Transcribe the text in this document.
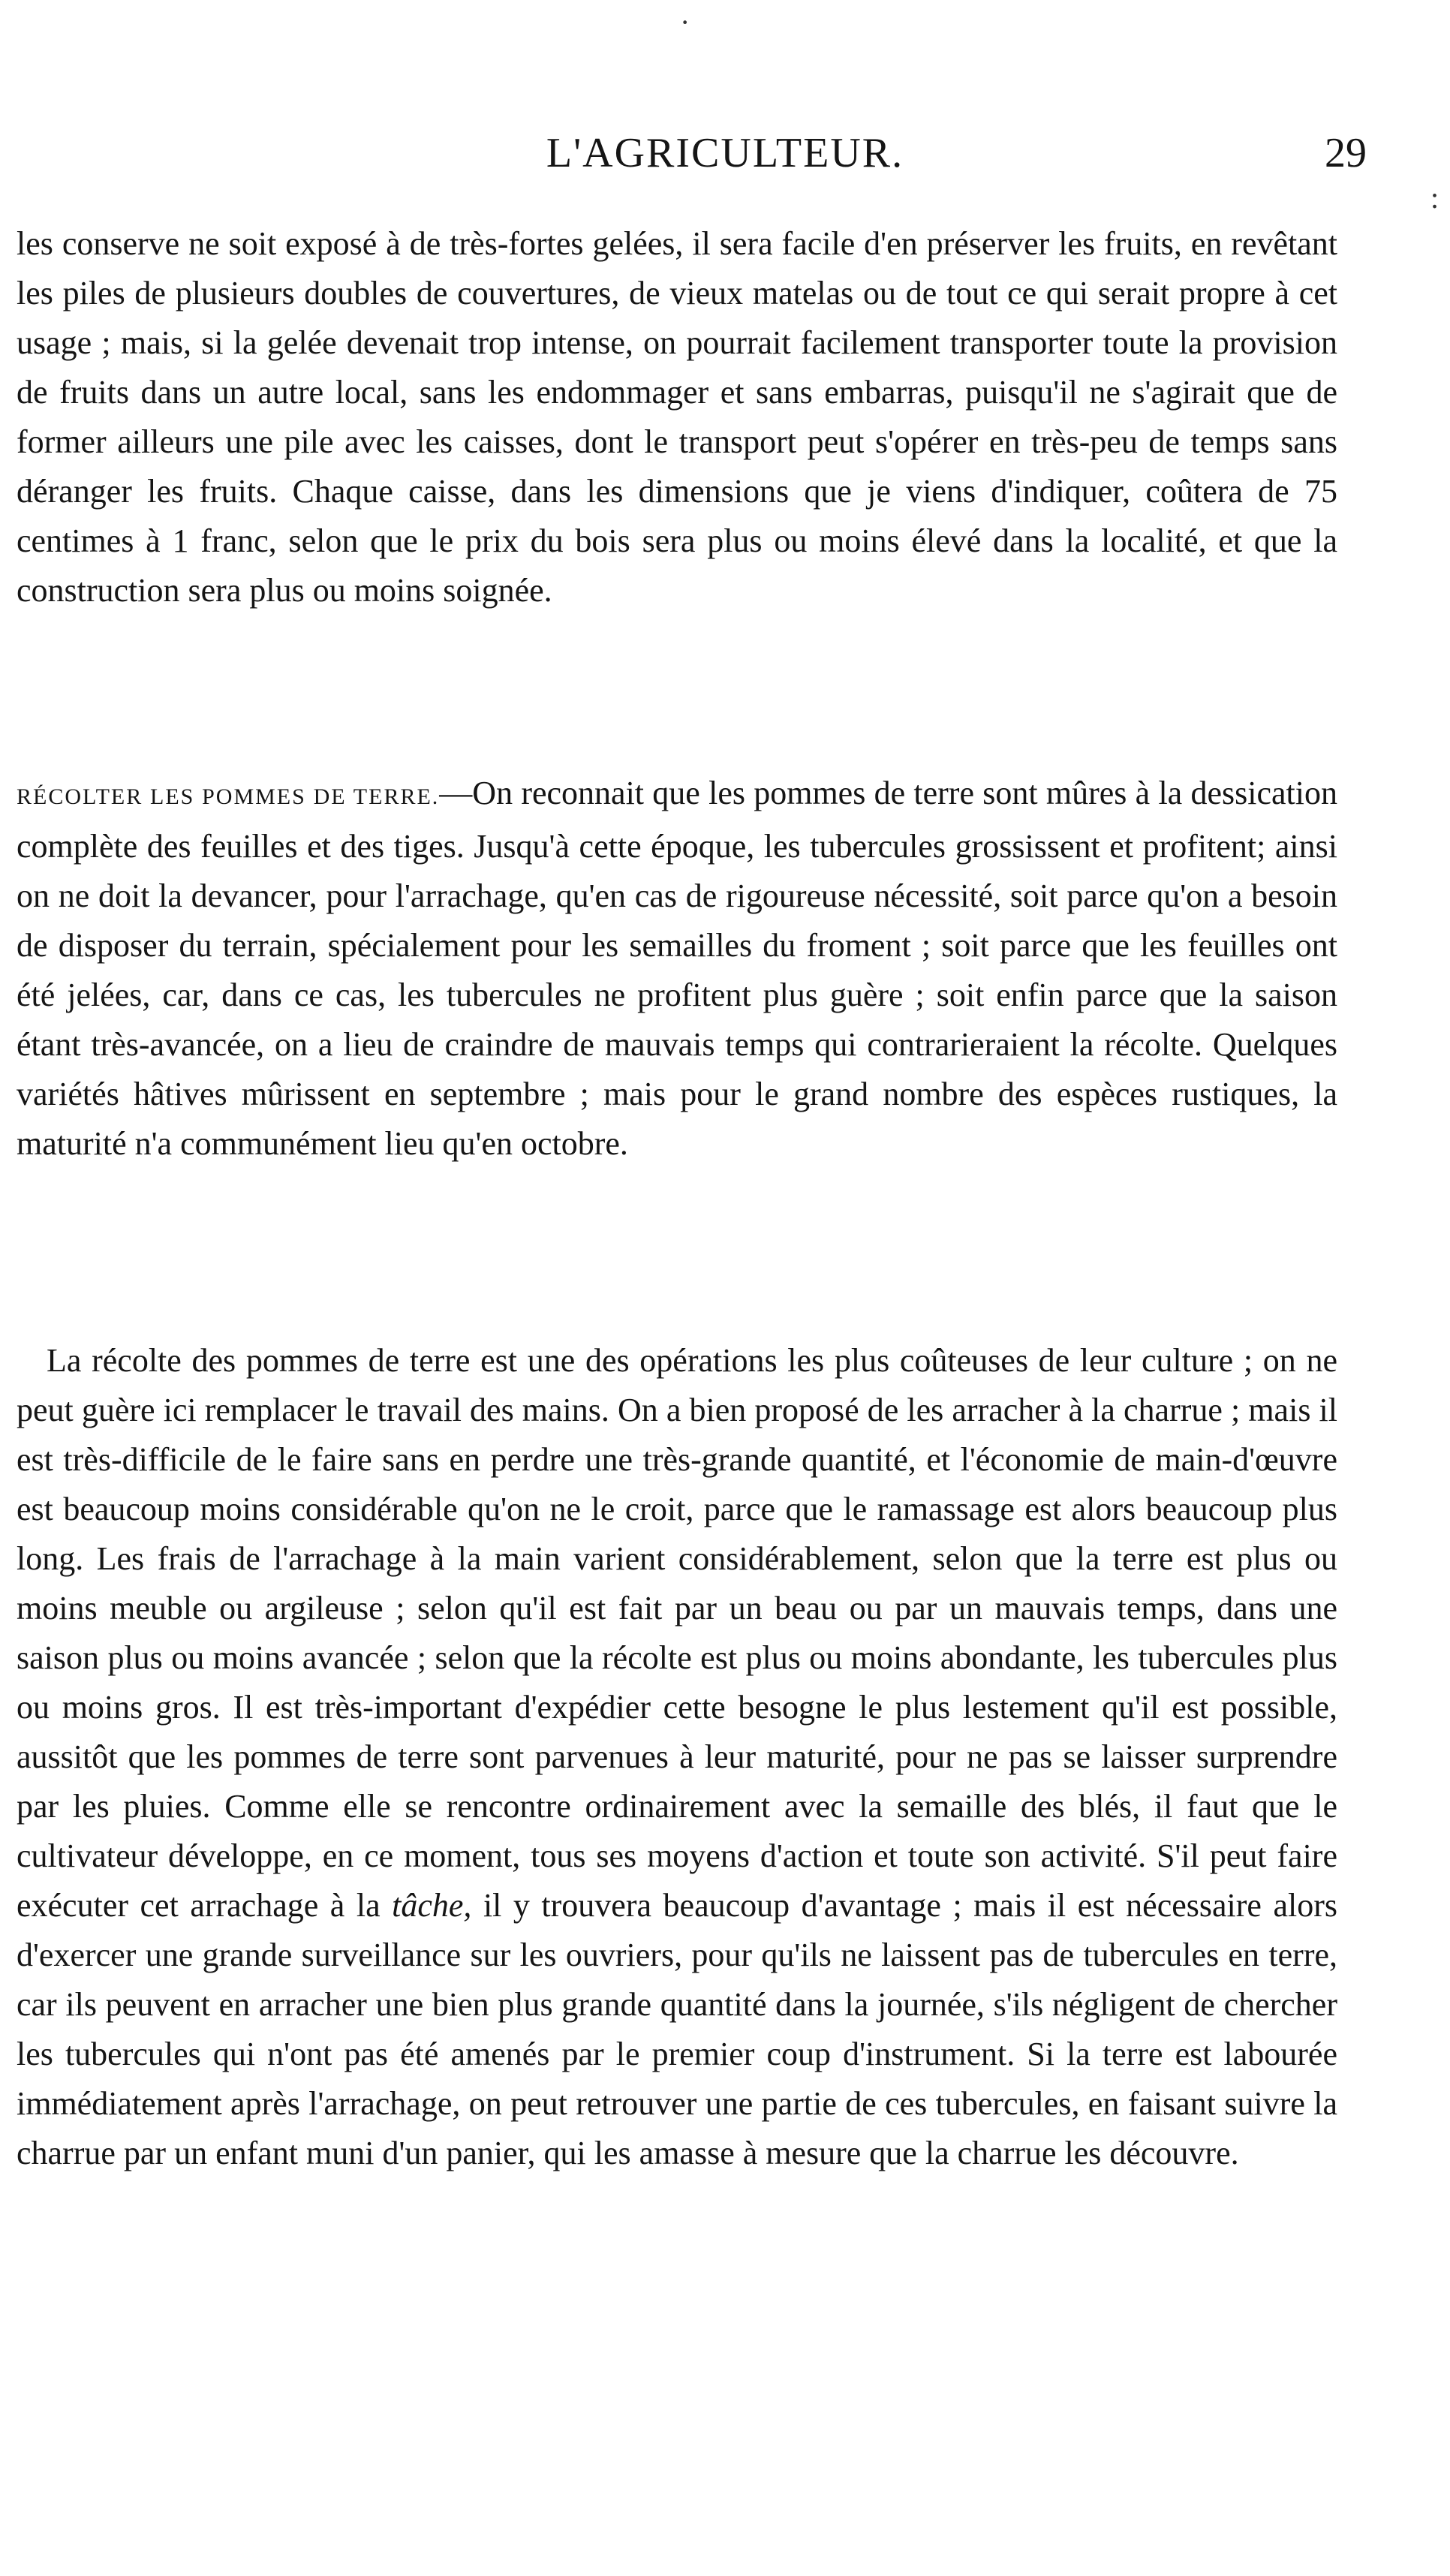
·
:
L'AGRICULTEUR.	29

les conserve ne soit exposé à de très-fortes gelées, il sera facile d'en préserver les fruits, en revêtant les piles de plusieurs doubles de couvertures, de vieux matelas ou de tout ce qui serait propre à cet usage ; mais, si la gelée devenait trop intense, on pourrait facilement transporter toute la provision de fruits dans un autre local, sans les endommager et sans embarras, puisqu'il ne s'agirait que de former ailleurs une pile avec les caisses, dont le transport peut s'opérer en très-peu de temps sans déranger les fruits. Chaque caisse, dans les dimensions que je viens d'indiquer, coûtera de 75 centimes à 1 franc, selon que le prix du bois sera plus ou moins élevé dans la localité, et que la construction sera plus ou moins soignée.

RÉCOLTER LES POMMES DE TERRE.—On reconnait que les pommes de terre sont mûres à la dessication complète des feuilles et des tiges. Jusqu'à cette époque, les tubercules grossissent et profitent; ainsi on ne doit la devancer, pour l'arrachage, qu'en cas de rigoureuse nécessité, soit parce qu'on a besoin de disposer du terrain, spécialement pour les semailles du froment ; soit parce que les feuilles ont été jelées, car, dans ce cas, les tubercules ne profitent plus guère ; soit enfin parce que la saison étant très-avancée, on a lieu de craindre de mauvais temps qui contrarieraient la récolte. Quelques variétés hâtives mûrissent en septembre ; mais pour le grand nombre des espèces rustiques, la maturité n'a communément lieu qu'en octobre.

La récolte des pommes de terre est une des opérations les plus coûteuses de leur culture ; on ne peut guère ici remplacer le travail des mains. On a bien proposé de les arracher à la charrue ; mais il est très-difficile de le faire sans en perdre une très-grande quantité, et l'économie de main-d'œuvre est beaucoup moins considérable qu'on ne le croit, parce que le ramassage est alors beaucoup plus long. Les frais de l'arrachage à la main varient considérablement, selon que la terre est plus ou moins meuble ou argileuse ; selon qu'il est fait par un beau ou par un mauvais temps, dans une saison plus ou moins avancée ; selon que la récolte est plus ou moins abondante, les tubercules plus ou moins gros. Il est très-important d'expédier cette besogne le plus lestement qu'il est possible, aussitôt que les pommes de terre sont parvenues à leur maturité, pour ne pas se laisser surprendre par les pluies. Comme elle se rencontre ordinairement avec la semaille des blés, il faut que le cultivateur développe, en ce moment, tous ses moyens d'action et toute son activité. S'il peut faire exécuter cet arrachage à la tâche, il y trouvera beaucoup d'avantage ; mais il est nécessaire alors d'exercer une grande surveillance sur les ouvriers, pour qu'ils ne laissent pas de tubercules en terre, car ils peuvent en arracher une bien plus grande quantité dans la journée, s'ils négligent de chercher les tubercules qui n'ont pas été amenés par le premier coup d'instrument. Si la terre est labourée immédiatement après l'arrachage, on peut retrouver une partie de ces tubercules, en faisant suivre la charrue par un enfant muni d'un panier, qui les amasse à mesure que la charrue les découvre.
